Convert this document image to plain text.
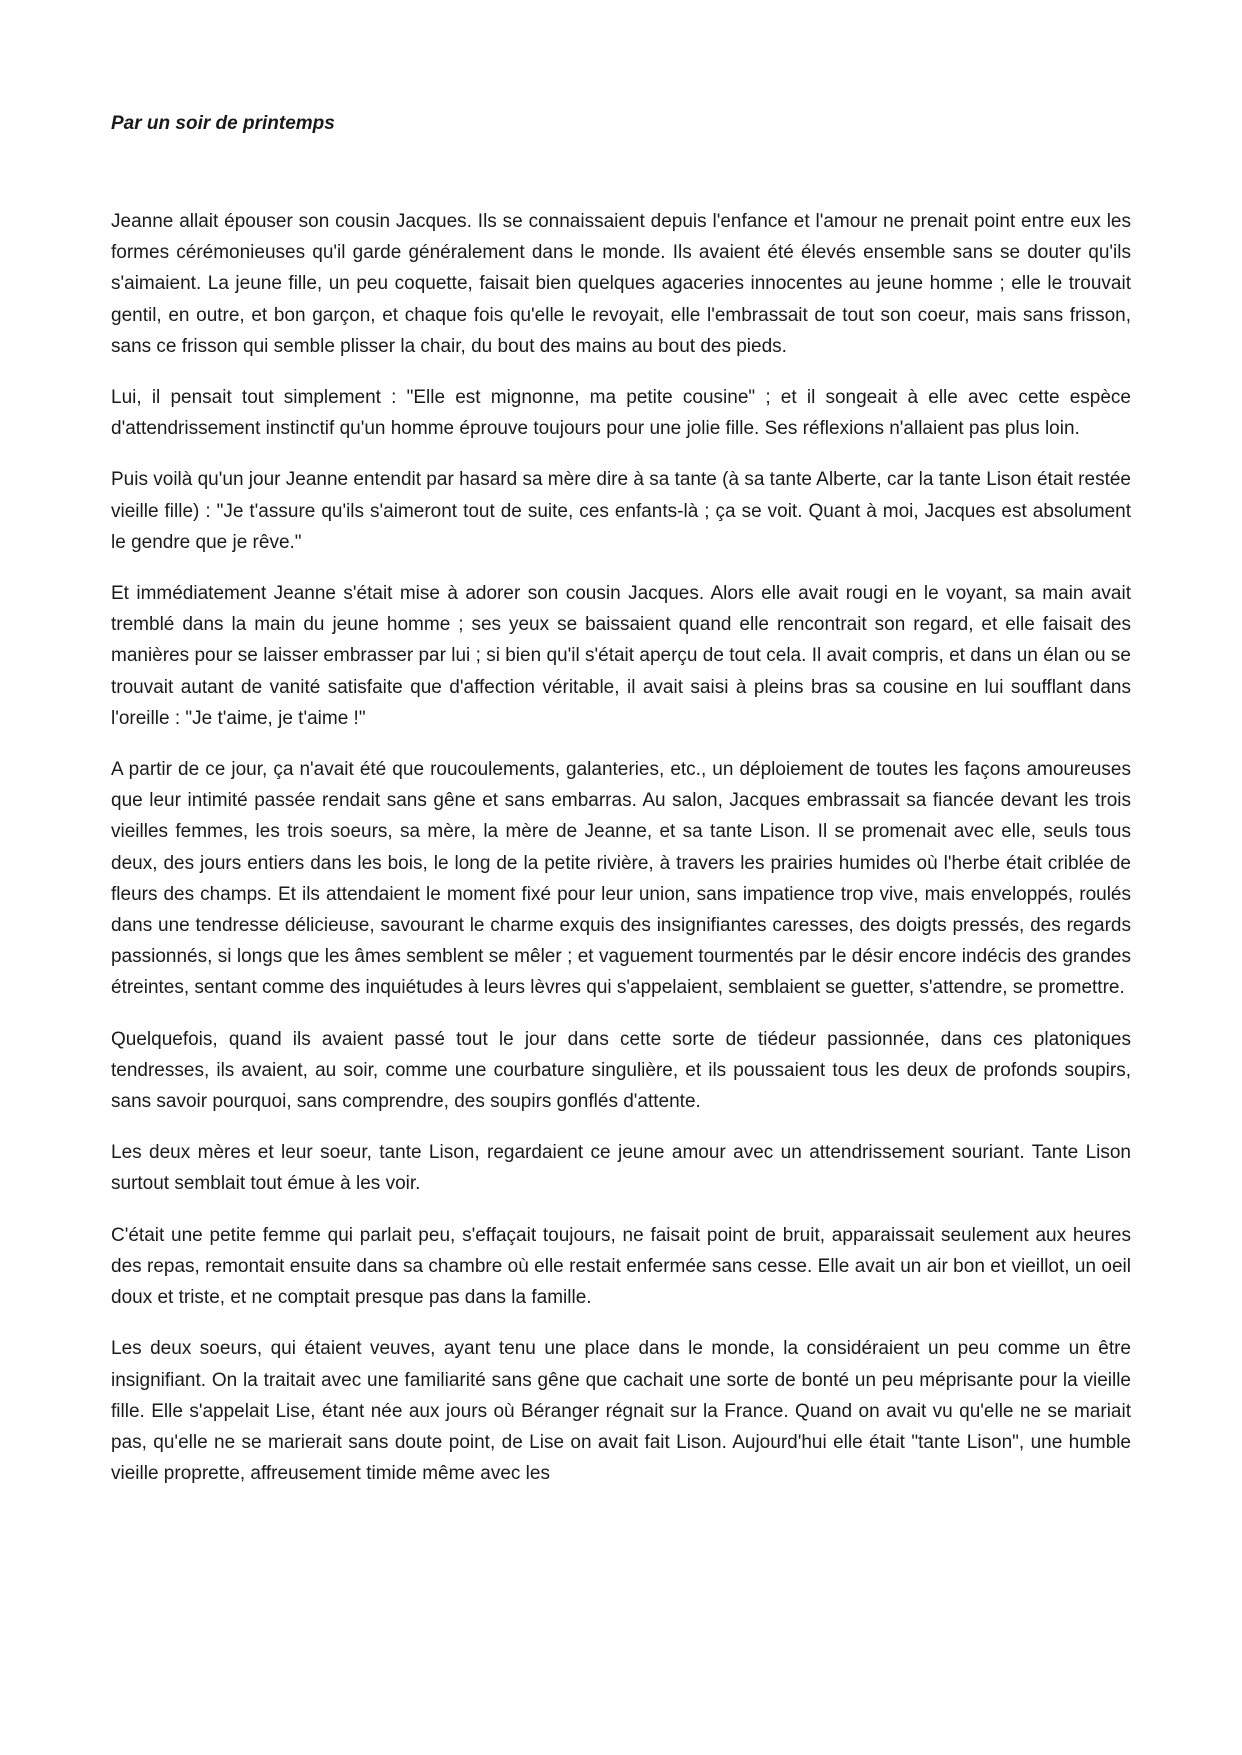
Par un soir de printemps

Jeanne allait épouser son cousin Jacques. Ils se connaissaient depuis l'enfance et l'amour ne prenait point entre eux les formes cérémonieuses qu'il garde généralement dans le monde. Ils avaient été élevés ensemble sans se douter qu'ils s'aimaient. La jeune fille, un peu coquette, faisait bien quelques agaceries innocentes au jeune homme ; elle le trouvait gentil, en outre, et bon garçon, et chaque fois qu'elle le revoyait, elle l'embrassait de tout son coeur, mais sans frisson, sans ce frisson qui semble plisser la chair, du bout des mains au bout des pieds.

Lui, il pensait tout simplement : "Elle est mignonne, ma petite cousine" ; et il songeait à elle avec cette espèce d'attendrissement instinctif qu'un homme éprouve toujours pour une jolie fille. Ses réflexions n'allaient pas plus loin.

Puis voilà qu'un jour Jeanne entendit par hasard sa mère dire à sa tante (à sa tante Alberte, car la tante Lison était restée vieille fille) : "Je t'assure qu'ils s'aimeront tout de suite, ces enfants-là ; ça se voit. Quant à moi, Jacques est absolument le gendre que je rêve."

Et immédiatement Jeanne s'était mise à adorer son cousin Jacques. Alors elle avait rougi en le voyant, sa main avait tremblé dans la main du jeune homme ; ses yeux se baissaient quand elle rencontrait son regard, et elle faisait des manières pour se laisser embrasser par lui ; si bien qu'il s'était aperçu de tout cela. Il avait compris, et dans un élan ou se trouvait autant de vanité satisfaite que d'affection véritable, il avait saisi à pleins bras sa cousine en lui soufflant dans l'oreille : "Je t'aime, je t'aime !"

A partir de ce jour, ça n'avait été que roucoulements, galanteries, etc., un déploiement de toutes les façons amoureuses que leur intimité passée rendait sans gêne et sans embarras. Au salon, Jacques embrassait sa fiancée devant les trois vieilles femmes, les trois soeurs, sa mère, la mère de Jeanne, et sa tante Lison. Il se promenait avec elle, seuls tous deux, des jours entiers dans les bois, le long de la petite rivière, à travers les prairies humides où l'herbe était criblée de fleurs des champs. Et ils attendaient le moment fixé pour leur union, sans impatience trop vive, mais enveloppés, roulés dans une tendresse délicieuse, savourant le charme exquis des insignifiantes caresses, des doigts pressés, des regards passionnés, si longs que les âmes semblent se mêler ; et vaguement tourmentés par le désir encore indécis des grandes étreintes, sentant comme des inquiétudes à leurs lèvres qui s'appelaient, semblaient se guetter, s'attendre, se promettre.

Quelquefois, quand ils avaient passé tout le jour dans cette sorte de tiédeur passionnée, dans ces platoniques tendresses, ils avaient, au soir, comme une courbature singulière, et ils poussaient tous les deux de profonds soupirs, sans savoir pourquoi, sans comprendre, des soupirs gonflés d'attente.

Les deux mères et leur soeur, tante Lison, regardaient ce jeune amour avec un attendrissement souriant. Tante Lison surtout semblait tout émue à les voir.

C'était une petite femme qui parlait peu, s'effaçait toujours, ne faisait point de bruit, apparaissait seulement aux heures des repas, remontait ensuite dans sa chambre où elle restait enfermée sans cesse. Elle avait un air bon et vieillot, un oeil doux et triste, et ne comptait presque pas dans la famille.

Les deux soeurs, qui étaient veuves, ayant tenu une place dans le monde, la considéraient un peu comme un être insignifiant. On la traitait avec une familiarité sans gêne que cachait une sorte de bonté un peu méprisante pour la vieille fille. Elle s'appelait Lise, étant née aux jours où Béranger régnait sur la France. Quand on avait vu qu'elle ne se mariait pas, qu'elle ne se marierait sans doute point, de Lise on avait fait Lison. Aujourd'hui elle était "tante Lison", une humble vieille proprette, affreusement timide même avec les
